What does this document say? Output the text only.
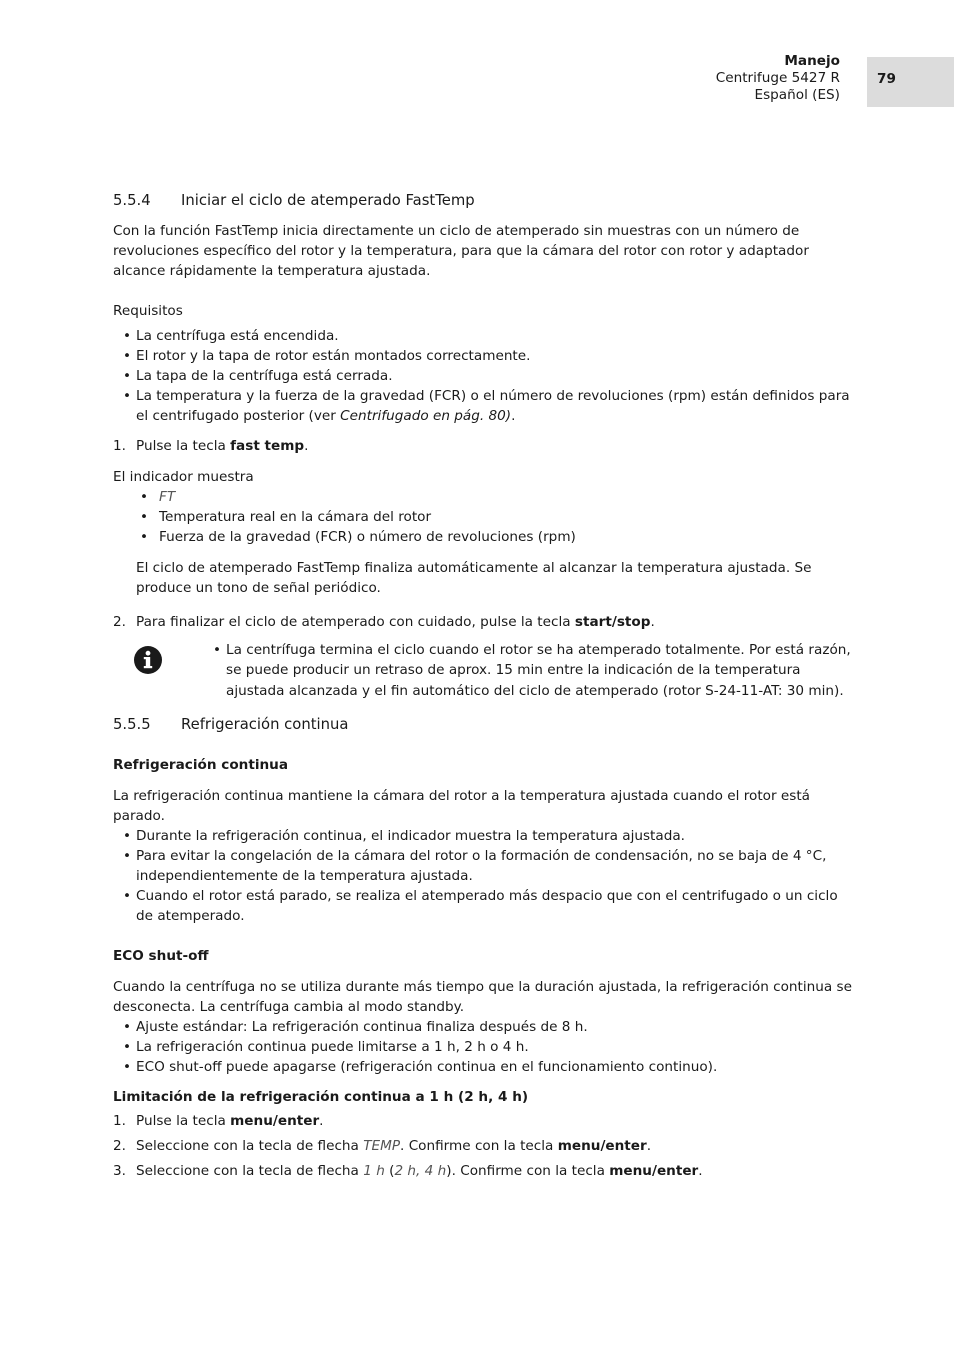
Manejo
Centrifuge 5427 R
Español (ES)
79
5.5.4 Iniciar el ciclo de atemperado FastTemp
Con la función FastTemp inicia directamente un ciclo de atemperado sin muestras con un número de
revoluciones específico del rotor y la temperatura, para que la cámara del rotor con rotor y adaptador
alcance rápidamente la temperatura ajustada.
Requisitos
• La centrífuga está encendida.
• El rotor y la tapa de rotor están montados correctamente.
• La tapa de la centrífuga está cerrada.
• La temperatura y la fuerza de la gravedad (FCR) o el número de revoluciones (rpm) están definidos para
el centrifugado posterior (ver Centrifugado en pág. 80).
1. Pulse la tecla fast temp.
El indicador muestra
• FT
• Temperatura real en la cámara del rotor
• Fuerza de la gravedad (FCR) o número de revoluciones (rpm)
El ciclo de atemperado FastTemp finaliza automáticamente al alcanzar la temperatura ajustada. Se
produce un tono de señal periódico.
2. Para finalizar el ciclo de atemperado con cuidado, pulse la tecla start/stop.
• La centrífuga termina el ciclo cuando el rotor se ha atemperado totalmente. Por está razón,
se puede producir un retraso de aprox. 15 min entre la indicación de la temperatura
ajustada alcanzada y el fin automático del ciclo de atemperado (rotor S-24-11-AT: 30 min).
5.5.5 Refrigeración continua
Refrigeración continua
La refrigeración continua mantiene la cámara del rotor a la temperatura ajustada cuando el rotor está
parado.
• Durante la refrigeración continua, el indicador muestra la temperatura ajustada.
• Para evitar la congelación de la cámara del rotor o la formación de condensación, no se baja de 4 °C,
independientemente de la temperatura ajustada.
• Cuando el rotor está parado, se realiza el atemperado más despacio que con el centrifugado o un ciclo
de atemperado.
ECO shut-off
Cuando la centrífuga no se utiliza durante más tiempo que la duración ajustada, la refrigeración continua se
desconecta. La centrífuga cambia al modo standby.
• Ajuste estándar: La refrigeración continua finaliza después de 8 h.
• La refrigeración continua puede limitarse a 1 h, 2 h o 4 h.
• ECO shut-off puede apagarse (refrigeración continua en el funcionamiento continuo).
Limitación de la refrigeración continua a 1 h (2 h, 4 h)
1. Pulse la tecla menu/enter.
2. Seleccione con la tecla de flecha TEMP. Confirme con la tecla menu/enter.
3. Seleccione con la tecla de flecha 1 h (2 h, 4 h). Confirme con la tecla menu/enter.
